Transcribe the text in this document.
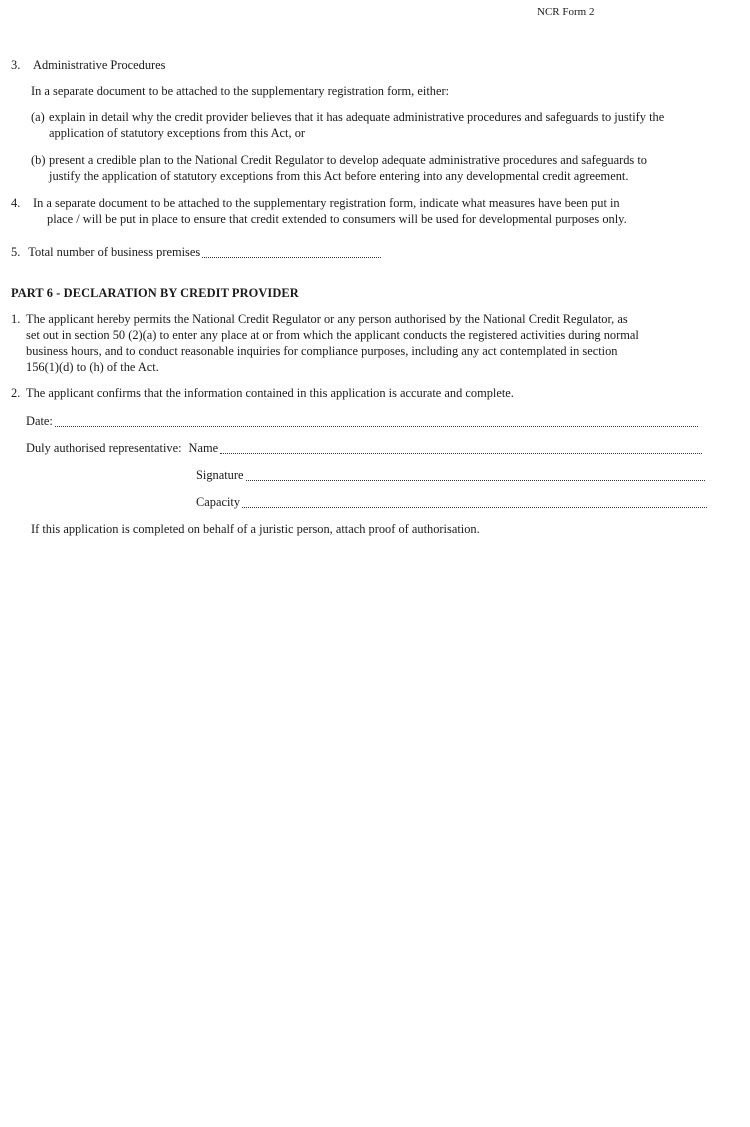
NCR Form 2
3. Administrative Procedures
In a separate document to be attached to the supplementary registration form, either:
(a) explain in detail why the credit provider believes that it has adequate administrative procedures and safeguards to justify the
application of statutory exceptions from this Act, or
(b) present a credible plan to the National Credit Regulator to develop adequate administrative procedures and safeguards to
justify the application of statutory exceptions from this Act before entering into any developmental credit agreement.
4. In a separate document to be attached to the supplementary registration form, indicate what measures have been put in
place / will be put in place to ensure that credit extended to consumers will be used for developmental purposes only.
5. Total number of business premises
PART 6 - DECLARATION BY CREDIT PROVIDER
1. The applicant hereby permits the National Credit Regulator or any person authorised by the National Credit Regulator, as
set out in section 50 (2)(a) to enter any place at or from which the applicant conducts the registered activities during normal
business hours, and to conduct reasonable inquiries for compliance purposes, including any act contemplated in section
156(1)(d) to (h) of the Act.
2. The applicant confirms that the information contained in this application is accurate and complete.
Date:
Duly authorised representative: Name
Signature
Capacity
If this application is completed on behalf of a juristic person, attach proof of authorisation.
